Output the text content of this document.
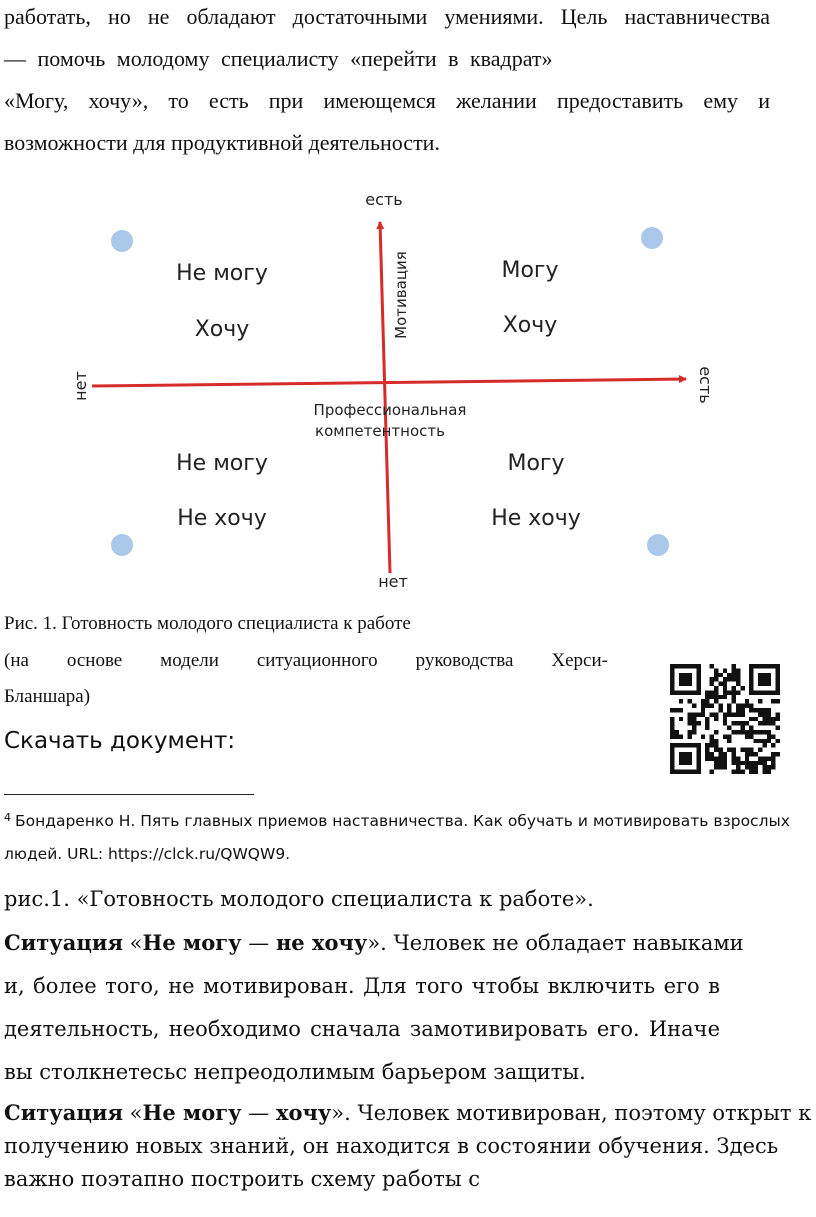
работать, но не обладают достаточными умениями. Цель наставничества
— помочь молодому специалисту «перейти в квадрат»
«Могу, хочу», то есть при имеющемся желании предоставить ему и
возможности для продуктивной деятельности.
есть
нет
нет	есть
Мотивация
Профессиональная
компетентность
Не могу
Хочу
Могу
Хочу
Не могу
Не хочу
Могу
Не хочу
Рис. 1. Готовность молодого специалиста к работе
(на основе модели ситуационного руководства Херси-
Бланшара)
Скачать документ:
$^4$ Бондаренко Н. Пять главных приемов наставничества. Как обучать и мотивировать взрослых
людей. URL: https://clck.ru/QWQW9.
рис.1. «Готовность молодого специалиста к работе».
Ситуация «Не могу — не хочу». Человек не обладает навыками
и, более того, не мотивирован. Для того чтобы включить его в
деятельность, необходимо сначала замотивировать его. Иначе
вы столкнетесьс непреодолимым барьером защиты.
Ситуация «Не могу — хочу». Человек мотивирован, поэтому открыт к
получению новых знаний, он находится в состоянии обучения. Здесь
важно поэтапно построить схему работы с
